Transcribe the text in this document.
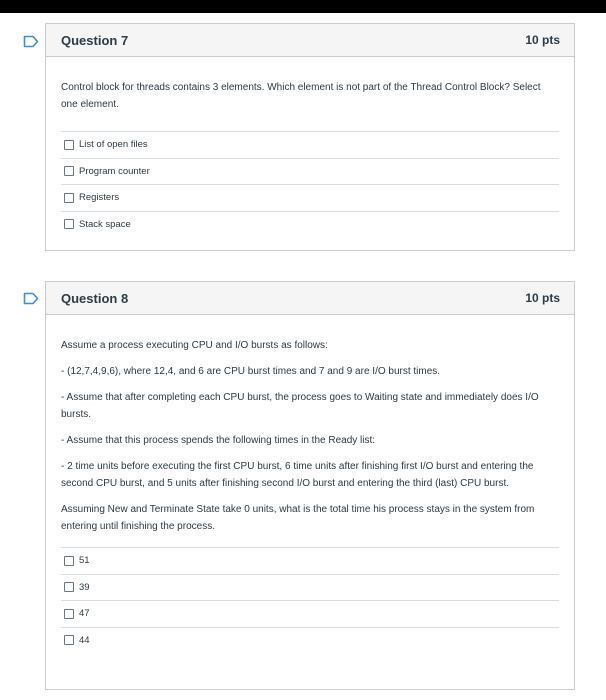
Question 7	10 pts

Control block for threads contains 3 elements. Which element is not part of the Thread Control Block? Select one element.

List of open files
Program counter
Registers
Stack space
Question 8	10 pts

Assume a process executing CPU and I/O bursts as follows:

- (12,7,4,9,6), where 12,4, and 6 are CPU burst times and 7 and 9 are I/O burst times.

- Assume that after completing each CPU burst, the process goes to Waiting state and immediately does I/O bursts.

- Assume that this process spends the following times in the Ready list:

- 2 time units before executing the first CPU burst, 6 time units after finishing first I/O burst and entering the second CPU burst, and 5 units after finishing second I/O burst and entering the third (last) CPU burst.

Assuming New and Terminate State take 0 units, what is the total time his process stays in the system from entering until finishing the process.

51
39
47
44
